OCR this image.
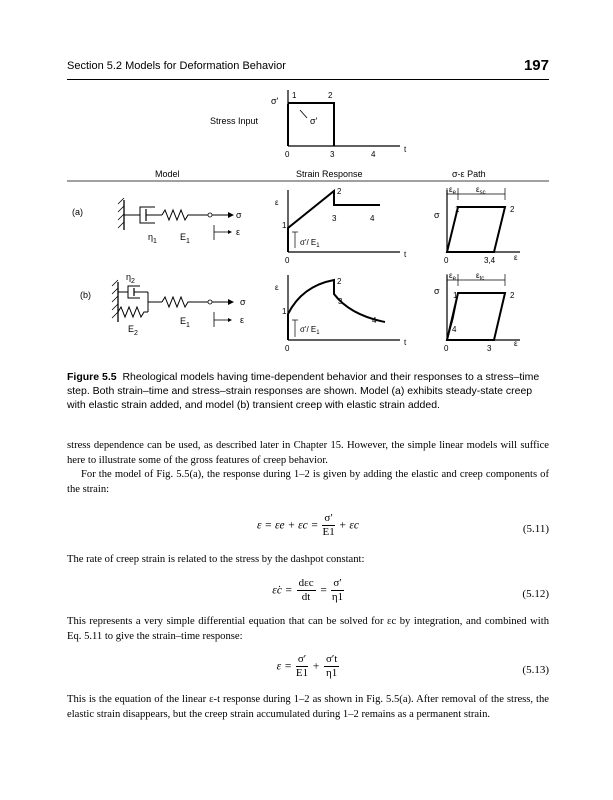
Section 5.2 Models for Deformation Behavior	197
Stress Input
σ'
1	2
σ'
0	3	4
t
Model	Strain Response	σ-ε Path
(a)	σ
ε
$\eta_1$	$E_1$
ε
1
2
3	4
σ'/ $E_1$
0
t
$\varepsilon_e$	$\varepsilon_{sc}$
σ
1	2
0	3,4 ε
(b)
σ
ε
$\eta_2$
$E_1$
$E_2$
ε
1
2
3
4
σ'/ $E_1$
0
t
$\varepsilon_e$	$\varepsilon_{tc}$
σ 1	2
4
0	3
ε
Figure 5.5 Rheological models having time-dependent behavior and their responses to a stress–time step. Both strain–time and stress–strain responses are shown. Model (a) exhibits steady-state creep with elastic strain added, and model (b) transient creep with elastic strain added.
stress dependence can be used, as described later in Chapter 15. However, the simple linear models will suffice here to illustrate some of the gross features of creep behavior.
For the model of Fig. 5.5(a), the response during 1–2 is given by adding the elastic and creep components of the strain:
$\varepsilon = \varepsilon e + \varepsilon c = \frac{\sigma'}{E1} + \varepsilon c$	(5.11)
The rate of creep strain is related to the stress by the dashpot constant:
ε̇c = $\frac{\text{dεc}}{dt} = \frac{\sigma'}{\eta 1}$	(5.12)
This represents a very simple differential equation that can be solved for εc by integration, and combined with Eq. 5.11 to give the strain–time response:
$\varepsilon = \frac{\sigma'}{E1} + \frac{\sigma't}{\eta 1}$	(5.13)
This is the equation of the linear ε-t response during 1–2 as shown in Fig. 5.5(a). After removal of the stress, the elastic strain disappears, but the creep strain accumulated during 1–2 remains as a permanent strain.
